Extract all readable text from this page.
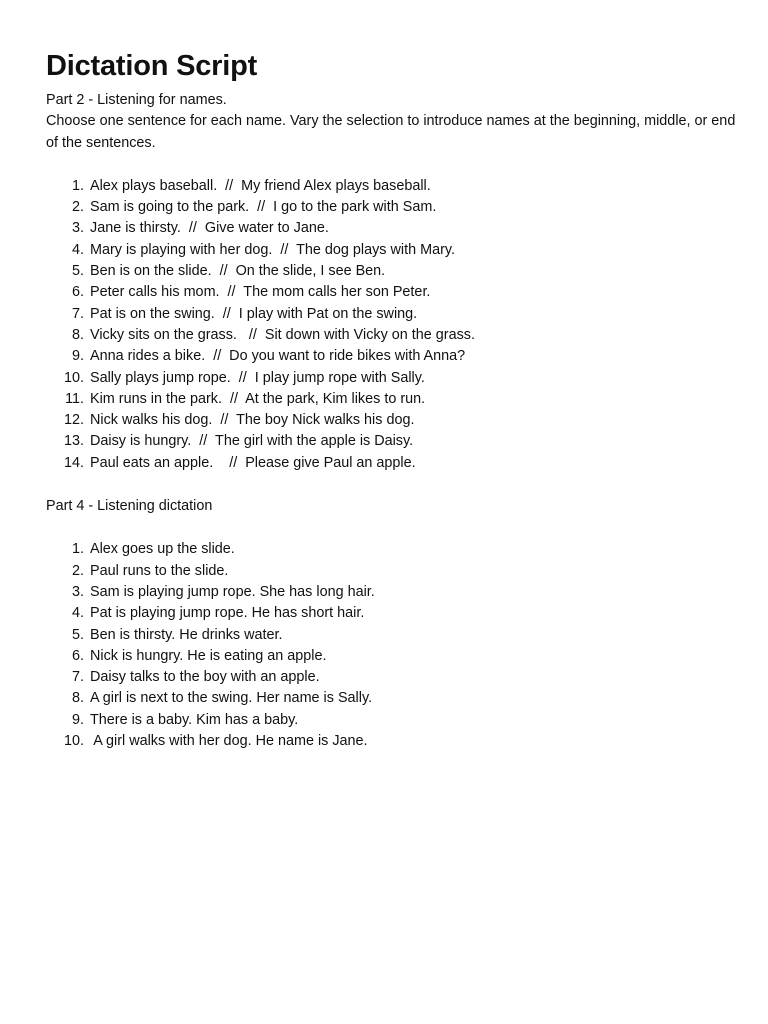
Dictation Script

Part 2 - Listening for names.

Choose one sentence for each name. Vary the selection to introduce names at the beginning, middle, or end of the sentences.

1. Alex plays baseball.  //  My friend Alex plays baseball.
2. Sam is going to the park.  //  I go to the park with Sam.
3. Jane is thirsty.  //  Give water to Jane.
4. Mary is playing with her dog.  //  The dog plays with Mary.
5. Ben is on the slide.  //  On the slide, I see Ben.
6. Peter calls his mom.  //  The mom calls her son Peter.
7. Pat is on the swing.  //  I play with Pat on the swing.
8. Vicky sits on the grass.   //  Sit down with Vicky on the grass.
9. Anna rides a bike.  //  Do you want to ride bikes with Anna?
10. Sally plays jump rope.  //  I play jump rope with Sally.
11. Kim runs in the park.  //  At the park, Kim likes to run.
12. Nick walks his dog.  //  The boy Nick walks his dog.
13. Daisy is hungry.  //  The girl with the apple is Daisy.
14. Paul eats an apple.    //  Please give Paul an apple.

Part 4 - Listening dictation

1. Alex goes up the slide.
2. Paul runs to the slide.
3. Sam is playing jump rope. She has long hair.
4. Pat is playing jump rope. He has short hair.
5. Ben is thirsty. He drinks water.
6. Nick is hungry. He is eating an apple.
7. Daisy talks to the boy with an apple.
8. A girl is next to the swing. Her name is Sally.
9. There is a baby. Kim has a baby.
10. A girl walks with her dog. He name is Jane.
